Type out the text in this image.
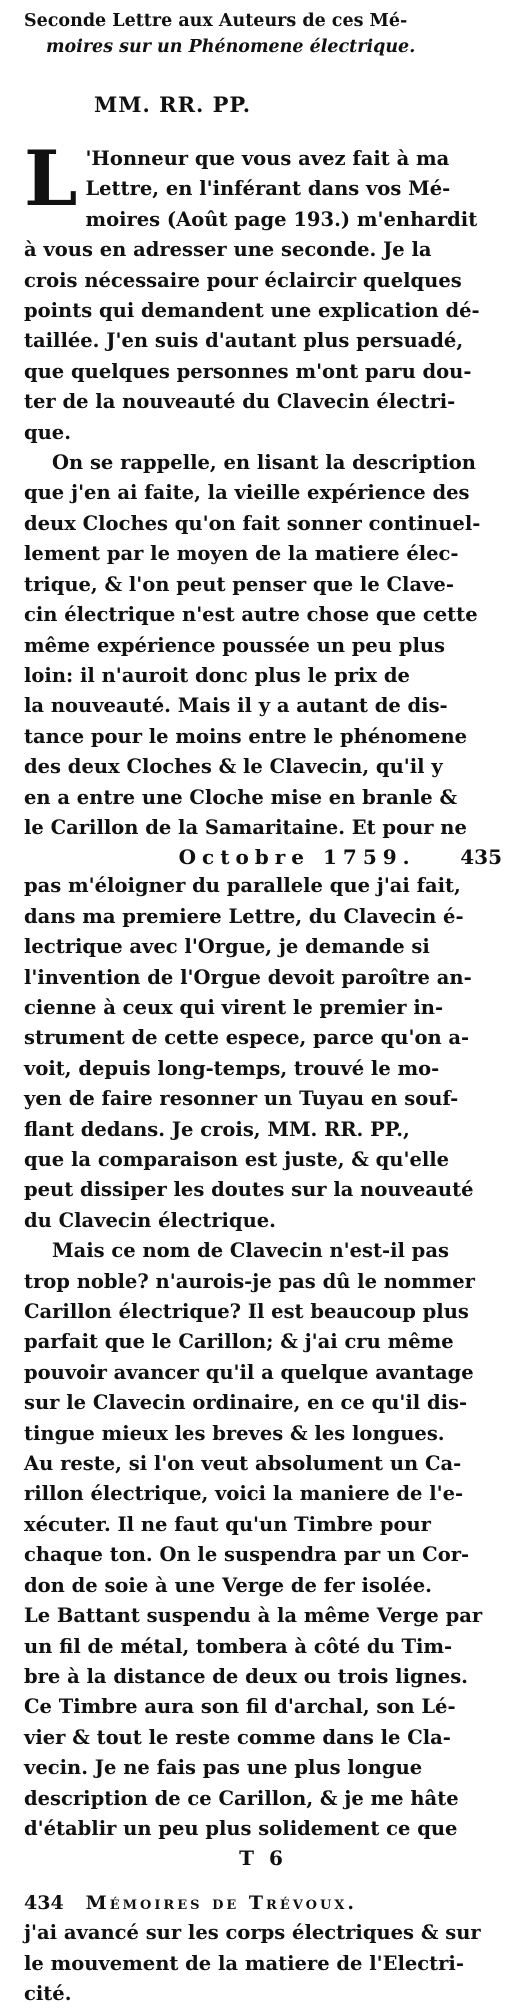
Seconde Lettre aux Auteurs de ces Mé-
moires sur un Phénomene électrique.
MM. RR. PP.
L 'Honneur que vous avez fait à ma
Lettre, en l'inférant dans vos Mé-
moires (Août page 193.) m'enhardit
à vous en adresser une seconde. Je la
crois nécessaire pour éclaircir quelques
points qui demandent une explication dé-
taillée. J'en suis d'autant plus persuadé,
que quelques personnes m'ont paru dou-
ter de la nouveauté du Clavecin électri-
que.
On se rappelle, en lisant la description
que j'en ai faite, la vieille expérience des
deux Cloches qu'on fait sonner continuel-
lement par le moyen de la matiere élec-
trique, & l'on peut penser que le Clave-
cin électrique n'est autre chose que cette
même expérience poussée un peu plus
loin: il n'auroit donc plus le prix de
la nouveauté. Mais il y a autant de dis-
tance pour le moins entre le phénomene
des deux Cloches & le Clavecin, qu'il y
en a entre une Cloche mise en branle &
le Carillon de la Samaritaine. Et pour ne
Octobre 1759. 435
pas m'éloigner du parallele que j'ai fait,
dans ma premiere Lettre, du Clavecin é-
lectrique avec l'Orgue, je demande si
l'invention de l'Orgue devoit paroître an-
cienne à ceux qui virent le premier in-
strument de cette espece, parce qu'on a-
voit, depuis long-temps, trouvé le mo-
yen de faire resonner un Tuyau en souf-
flant dedans. Je crois, MM. RR. PP.,
que la comparaison est juste, & qu'elle
peut dissiper les doutes sur la nouveauté
du Clavecin électrique.
Mais ce nom de Clavecin n'est-il pas
trop noble? n'aurois-je pas dû le nommer
Carillon électrique? Il est beaucoup plus
parfait que le Carillon; & j'ai cru même
pouvoir avancer qu'il a quelque avantage
sur le Clavecin ordinaire, en ce qu'il dis-
tingue mieux les breves & les longues.
Au reste, si l'on veut absolument un Ca-
rillon électrique, voici la maniere de l'e-
xécuter. Il ne faut qu'un Timbre pour
chaque ton. On le suspendra par un Cor-
don de soie à une Verge de fer isolée.
Le Battant suspendu à la même Verge par
un fil de métal, tombera à côté du Tim-
bre à la distance de deux ou trois lignes.
Ce Timbre aura son fil d'archal, son Lé-
vier & tout le reste comme dans le Cla-
vecin. Je ne fais pas une plus longue
description de ce Carillon, & je me hâte
d'établir un peu plus solidement ce que
T 6
434	Mémoires de Trévoux.
j'ai avancé sur les corps électriques & sur
le mouvement de la matiere de l'Electri-
cité.
